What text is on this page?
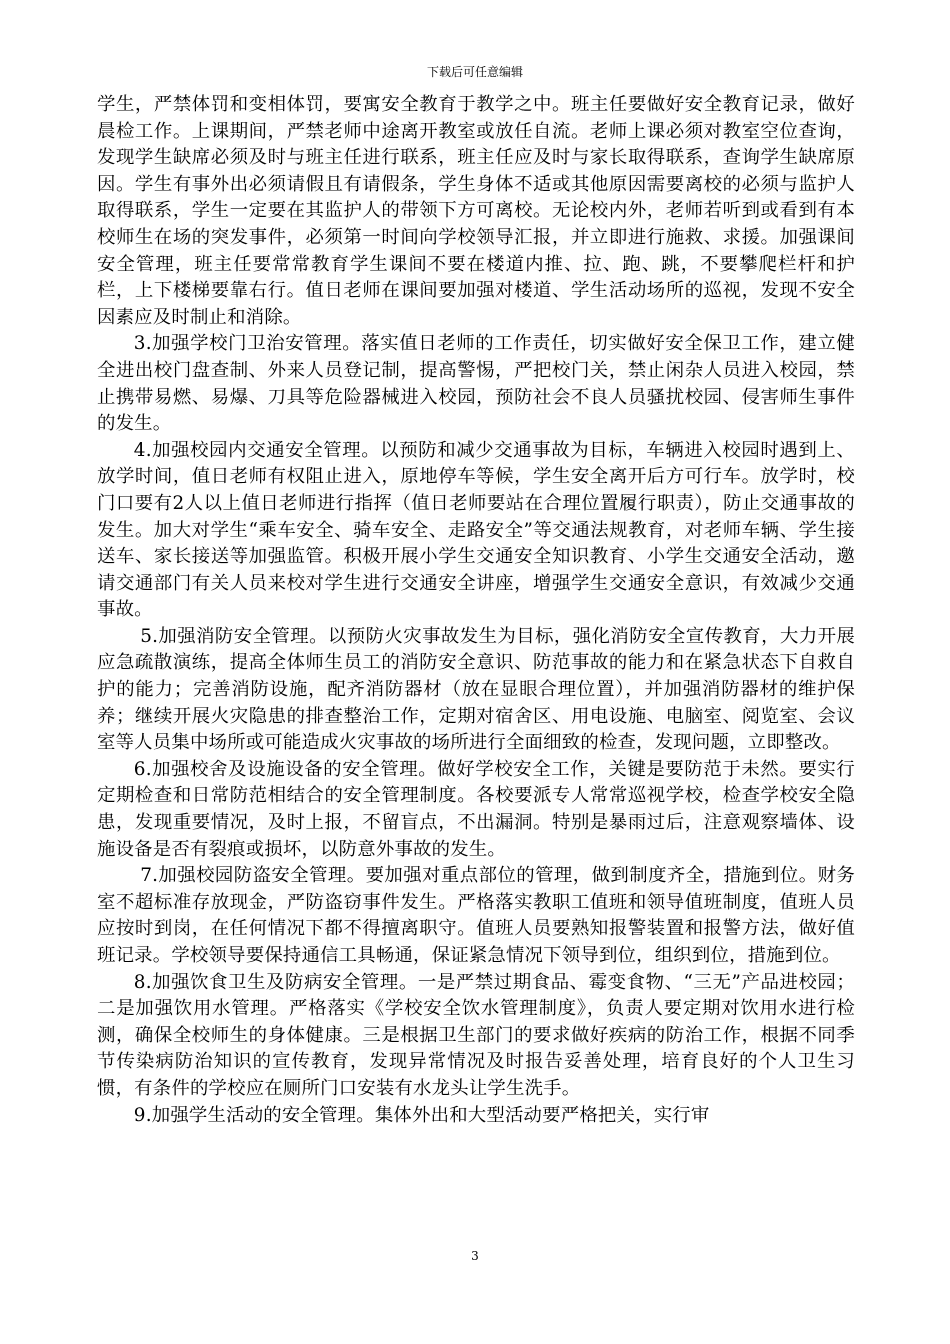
下载后可任意编辑

学生，严禁体罚和变相体罚，要寓安全教育于教学之中。班主任要做好安全教育记录，做好晨检工作。上课期间，严禁老师中途离开教室或放任自流。老师上课必须对教室空位查询，发现学生缺席必须及时与班主任进行联系，班主任应及时与家长取得联系，查询学生缺席原因。学生有事外出必须请假且有请假条，学生身体不适或其他原因需要离校的必须与监护人取得联系，学生一定要在其监护人的带领下方可离校。无论校内外，老师若听到或看到有本校师生在场的突发事件，必须第一时间向学校领导汇报，并立即进行施救、求援。加强课间安全管理，班主任要常常教育学生课间不要在楼道内推、拉、跑、跳，不要攀爬栏杆和护栏，上下楼梯要靠右行。值日老师在课间要加强对楼道、学生活动场所的巡视，发现不安全因素应及时制止和消除。

3.加强学校门卫治安管理。落实值日老师的工作责任，切实做好安全保卫工作，建立健全进出校门盘查制、外来人员登记制，提高警惕，严把校门关，禁止闲杂人员进入校园，禁止携带易燃、易爆、刀具等危险器械进入校园，预防社会不良人员骚扰校园、侵害师生事件的发生。

4.加强校园内交通安全管理。以预防和减少交通事故为目标，车辆进入校园时遇到上、放学时间，值日老师有权阻止进入，原地停车等候，学生安全离开后方可行车。放学时，校门口要有2人以上值日老师进行指挥（值日老师要站在合理位置履行职责），防止交通事故的发生。加大对学生“乘车安全、骑车安全、走路安全”等交通法规教育，对老师车辆、学生接送车、家长接送等加强监管。积极开展小学生交通安全知识教育、小学生交通安全活动，邀请交通部门有关人员来校对学生进行交通安全讲座，增强学生交通安全意识，有效减少交通事故。

5.加强消防安全管理。以预防火灾事故发生为目标，强化消防安全宣传教育，大力开展应急疏散演练，提高全体师生员工的消防安全意识、防范事故的能力和在紧急状态下自救自护的能力；完善消防设施，配齐消防器材（放在显眼合理位置），并加强消防器材的维护保养；继续开展火灾隐患的排查整治工作，定期对宿舍区、用电设施、电脑室、阅览室、会议室等人员集中场所或可能造成火灾事故的场所进行全面细致的检查，发现问题，立即整改。

6.加强校舍及设施设备的安全管理。做好学校安全工作，关键是要防范于未然。要实行定期检查和日常防范相结合的安全管理制度。各校要派专人常常巡视学校，检查学校安全隐患，发现重要情况，及时上报，不留盲点，不出漏洞。特别是暴雨过后，注意观察墙体、设施设备是否有裂痕或损坏，以防意外事故的发生。

7.加强校园防盗安全管理。要加强对重点部位的管理，做到制度齐全，措施到位。财务室不超标准存放现金，严防盗窃事件发生。严格落实教职工值班和领导值班制度，值班人员应按时到岗，在任何情况下都不得擅离职守。值班人员要熟知报警装置和报警方法，做好值班记录。学校领导要保持通信工具畅通，保证紧急情况下领导到位，组织到位，措施到位。

8.加强饮食卫生及防病安全管理。一是严禁过期食品、霉变食物、“三无”产品进校园；二是加强饮用水管理。严格落实《学校安全饮水管理制度》，负责人要定期对饮用水进行检测，确保全校师生的身体健康。三是根据卫生部门的要求做好疾病的防治工作，根据不同季节传染病防治知识的宣传教育，发现异常情况及时报告妥善处理，培育良好的个人卫生习惯，有条件的学校应在厕所门口安装有水龙头让学生洗手。

9.加强学生活动的安全管理。集体外出和大型活动要严格把关，实行审

3
